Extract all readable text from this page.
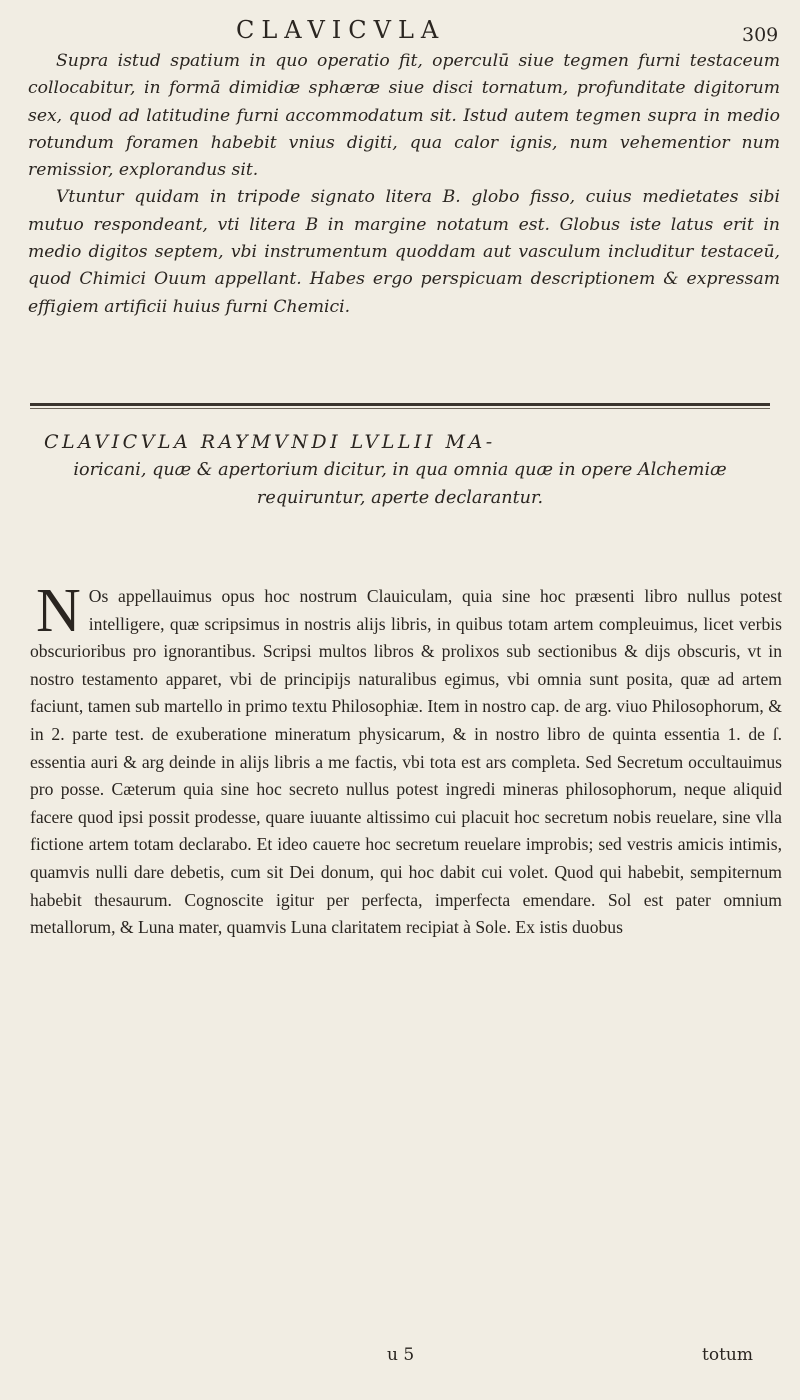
CLAVICVLA	309

Supra istud spatium in quo operatio fit, operculū siue tegmen furni testaceum collocabitur, in formā dimidiæ sphæræ siue disci tornatum, profunditate digitorum sex, quod ad latitudine furni accommodatum sit. Istud autem tegmen supra in medio rotundum foramen habebit vnius digiti, qua calor ignis, num vehementior num remissior, explorandus sit.

Vtuntur quidam in tripode signato litera B. globo fisso, cuius medietates sibi mutuo respondeant, vti litera B in margine notatum est. Globus iste latus erit in medio digitos septem, vbi instrumentum quoddam aut vasculum includitur testaceū, quod Chimici Ouum appellant. Habes ergo perspicuam descriptionem & expressam effigiem artificii huius furni Chemici.

CLAVICVLA RAYMVNDI LVLLII MA-
ioricani, quæ & apertorium dicitur, in qua omnia quæ in opere Alchemiæ requiruntur, aperte declarantur.
N Os appellauimus opus hoc nostrum Clauiculam, quia sine hoc præsenti libro nullus potest intelligere, quæ scripsimus in nostris alijs libris, in quibus totam artem compleuimus, licet verbis obscurioribus pro ignorantibus. Scripsi multos libros & prolixos sub sectionibus & dijs obscuris, vt in nostro testamento apparet, vbi de principijs naturalibus egimus, vbi omnia sunt posita, quæ ad artem faciunt, tamen sub martello in primo textu Philosophiæ. Item in nostro cap. de arg. viuo Philosophorum, & in 2. parte test. de exuberatione mineratum physicarum, & in nostro libro de quinta essentia 1. de ſ. essentia auri & arg deinde in alijs libris a me factis, vbi tota est ars completa. Sed Secretum occultauimus pro posse. Cæterum quia sine hoc secreto nullus potest ingredi mineras philosophorum, neque aliquid facere quod ipsi possit prodesse, quare iuuante altissimo cui placuit hoc secretum nobis reuelare, sine vlla fictione artem totam declarabo. Et ideo caueте hoc secretum reuelare improbis; sed vestris amicis intimis, quamvis nulli dare debetis, cum sit Dei donum, qui hoc dabit cui volet. Quod qui habebit, sempiternum habebit thesaurum. Cognoscite igitur per perfecta, imperfecta emendare. Sol est pater omnium metallorum, & Luna mater, quamvis Luna claritatem recipiat à Sole. Ex istis duobus

u 5	totum
